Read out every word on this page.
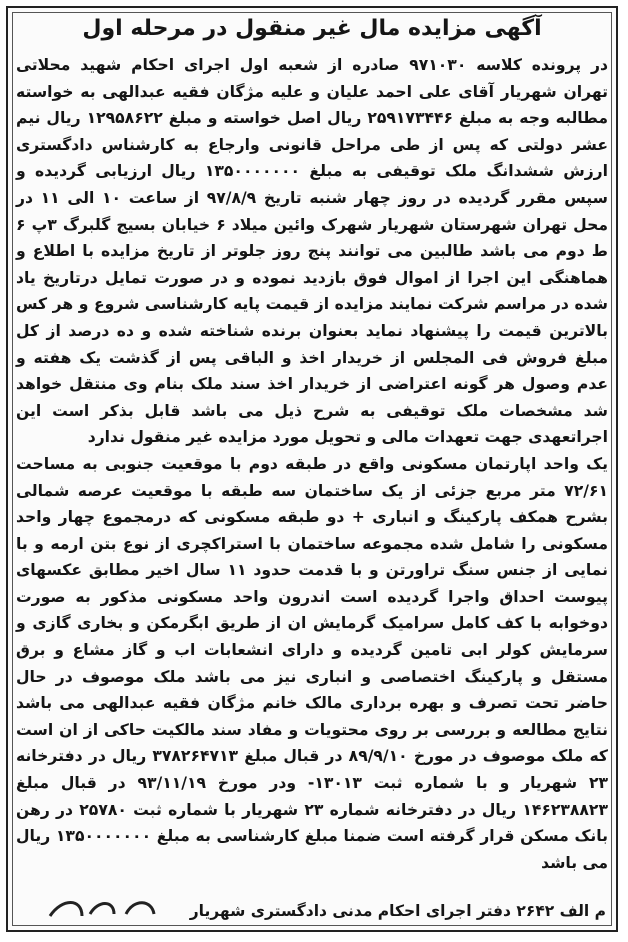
آگهی مزایده مال غیر منقول در مرحله اول

در پرونده کلاسه ۹۷۱۰۳۰ صادره از شعبه اول اجرای احکام شهید محلاتی تهران شهریار آقای علی احمد علیان و علیه مژگان فقیه عبدالهی به خواسته مطالبه وجه به مبلغ ۲۵۹۱۷۳۴۴۶ ریال اصل خواسته و مبلغ ۱۲۹۵۸۶۲۲ ریال نیم عشر دولتی که پس از طی مراحل قانونی وارجاع به کارشناس دادگستری ارزش ششدانگ ملک توقیفی به مبلغ ۱۳۵۰۰۰۰۰۰۰ ریال ارزیابی گردیده و سپس مقرر گردیده در روز چهار شنبه تاریخ ۹۷/۸/۹ از ساعت ۱۰ الی ۱۱ در محل تهران شهرستان شهریار شهرک وائین میلاد ۶ خیابان بسیج گلبرگ ۳پ ۶ ط دوم می باشد طالبین می توانند پنج روز جلوتر از تاریخ مزایده با اطلاع و هماهنگی این اجرا از اموال فوق بازدید نموده و در صورت تمایل درتاریخ یاد شده در مراسم شرکت نمایند مزایده از قیمت پایه کارشناسی شروع و هر کس بالاترین قیمت را پیشنهاد نماید بعنوان برنده شناخته شده و ده درصد از کل مبلغ فروش فی المجلس از خریدار اخذ و الباقی پس از گذشت یک هفته و عدم وصول هر گونه اعتراضی از خریدار اخذ سند ملک بنام وی منتقل خواهد شد مشخصات ملک توقیفی به شرح ذیل می باشد قابل بذکر است این اجراتعهدی جهت تعهدات مالی و تحویل مورد مزایده غیر منقول ندارد

یک واحد اپارتمان مسکونی واقع در طبقه دوم با موقعیت جنوبی به مساحت ۷۲/۶۱ متر مربع جزئی از یک ساختمان سه طبقه با موقعیت عرصه شمالی بشرح همکف پارکینگ و انباری + دو طبقه مسکونی که درمجموع چهار واحد مسکونی را شامل شده مجموعه ساختمان با استراکچری از نوع بتن ارمه و با نمایی از جنس سنگ تراورتن و با قدمت حدود ۱۱ سال اخیر مطابق عکسهای پیوست احداق واجرا گردیده است اندرون واحد مسکونی مذکور به صورت دوخوابه با کف کامل سرامیک گرمایش ان از طریق ابگرمکن و بخاری گازی و سرمایش کولر ابی تامین گردیده و دارای انشعابات اب و گاز مشاع و برق مستقل و پارکینگ اختصاصی و انباری نیز می باشد ملک موصوف در حال حاضر تحت تصرف و بهره برداری مالک خانم مژگان فقیه عبدالهی می باشد نتایج مطالعه و بررسی بر روی محتویات و مفاد سند مالکیت حاکی از ان است که ملک موصوف در مورخ ۸۹/۹/۱۰ در قبال مبلغ ۳۷۸۲۶۴۷۱۳ ریال در دفترخانه ۲۳ شهریار و با شماره ثبت ۱۳۰۱۳- ودر مورخ ۹۳/۱۱/۱۹ در قبال مبلغ ۱۴۶۲۳۸۸۲۳ ریال در دفترخانه شماره ۲۳ شهریار با شماره ثبت ۲۵۷۸۰ در رهن بانک مسکن قرار گرفته است ضمنا مبلغ کارشناسی به مبلغ ۱۳۵۰۰۰۰۰۰۰ ریال می باشد

م الف ۲۶۴۲ دفتر اجرای احکام مدنی دادگستری شهریار
